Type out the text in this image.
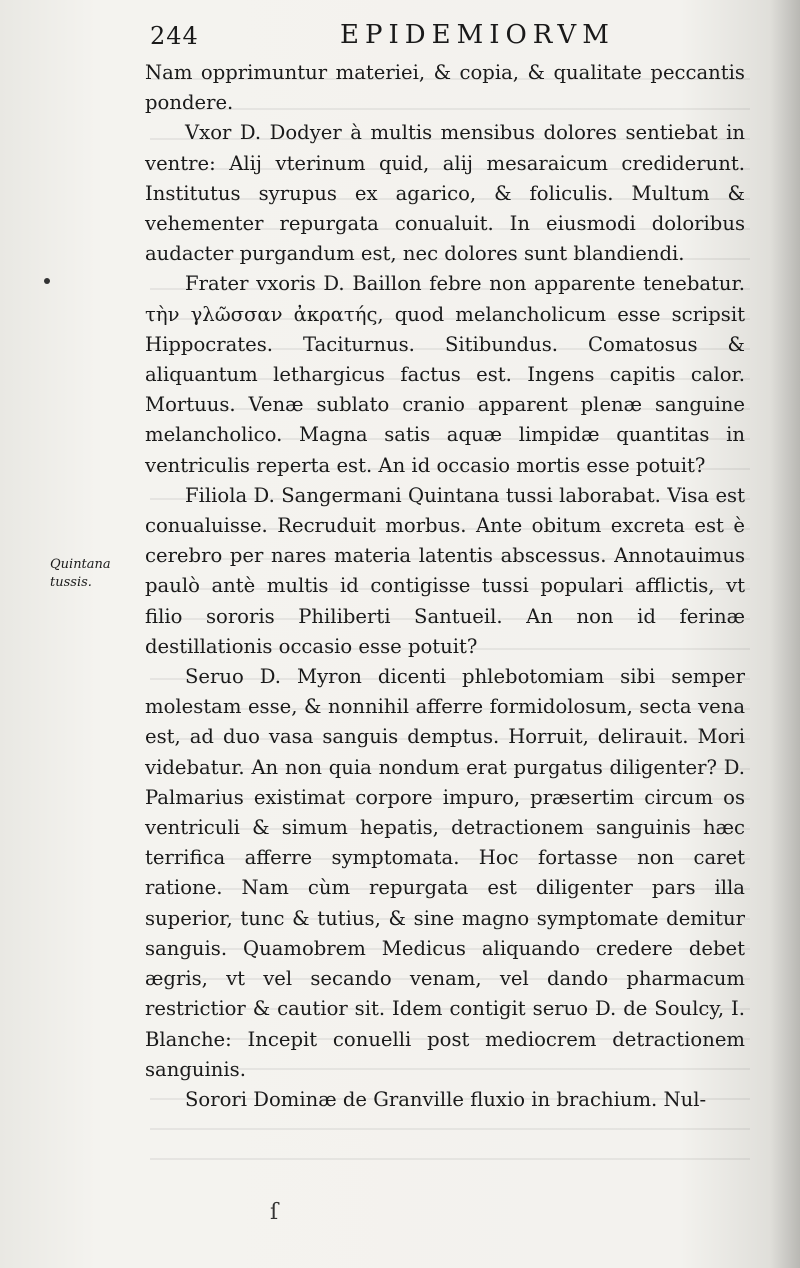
244	EPIDEMIORVM
Quintana
tussis.

Nam opprimuntur materiei, & copia, & qualitate peccantis pondere.

Vxor D. Dodyer à multis mensibus dolores sentiebat in ventre: Alij vterinum quid, alij mesaraicum crediderunt. Institutus syrupus ex agarico, & foliculis. Multum & vehementer repurgata conualuit. In eiusmodi doloribus audacter purgandum est, nec dolores sunt blandiendi.

Frater vxoris D. Baillon febre non apparente tenebatur. τὴν γλῶσσαν ἀκρατής, quod melancholicum esse scripsit Hippocrates. Taciturnus. Sitibundus. Comatosus & aliquantum lethargicus factus est. Ingens capitis calor. Mortuus. Venæ sublato cranio apparent plenæ sanguine melancholico. Magna satis aquæ limpidæ quantitas in ventriculis reperta est. An id occasio mortis esse potuit?

Filiola D. Sangermani Quintana tussi laborabat. Visa est conualuisse. Recruduit morbus. Ante obitum excreta est è cerebro per nares materia latentis abscessus. Annotauimus paulò antè multis id contigisse tussi populari afflictis, vt filio sororis Philiberti Santueil. An non id ferinæ destillationis occasio esse potuit?

Seruo D. Myron dicenti phlebotomiam sibi semper molestam esse, & nonnihil afferre formidolosum, secta vena est, ad duo vasa sanguis demptus. Horruit, delirauit. Mori videbatur. An non quia nondum erat purgatus diligenter? D. Palmarius existimat corpore impuro, præsertim circum os ventriculi & simum hepatis, detractionem sanguinis hæc terrifica afferre symptomata. Hoc fortasse non caret ratione. Nam cùm repurgata est diligenter pars illa superior, tunc & tutius, & sine magno symptomate demitur sanguis. Quamobrem Medicus aliquando credere debet ægris, vt vel secando venam, vel dando pharmacum restrictior & cautior sit. Idem contigit seruo D. de Soulcy, I. Blanche: Incepit conuelli post mediocrem detractionem sanguinis.

Sorori Dominæ de Granville fluxio in brachium. Nul-

ſ
